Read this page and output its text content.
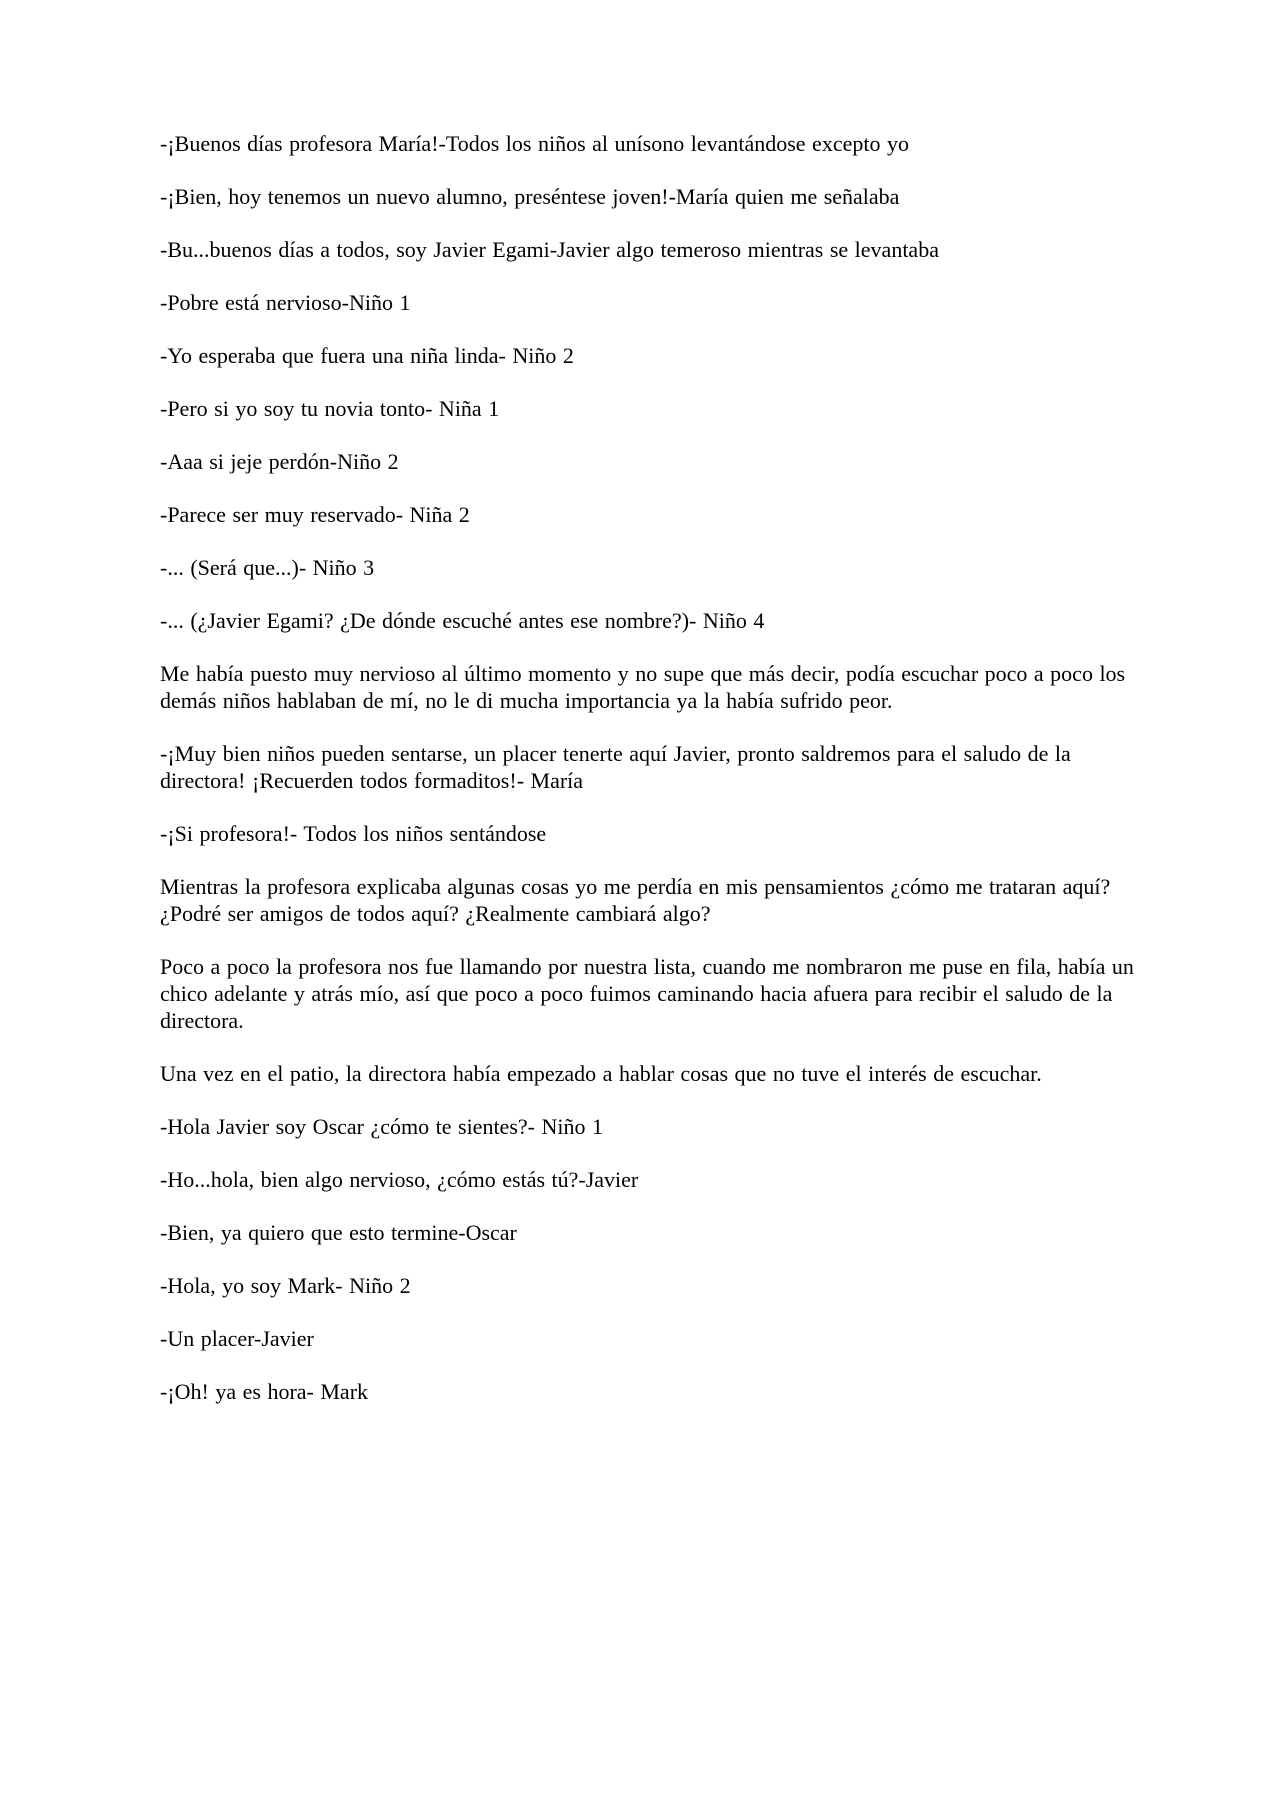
-¡Buenos días profesora María!-Todos los niños al unísono levantándose excepto yo

-¡Bien, hoy tenemos un nuevo alumno, preséntese joven!-María quien me señalaba

-Bu...buenos días a todos, soy Javier Egami-Javier algo temeroso mientras se levantaba

-Pobre está nervioso-Niño 1

-Yo esperaba que fuera una niña linda- Niño 2

-Pero si yo soy tu novia tonto- Niña 1

-Aaa si jeje perdón-Niño 2

-Parece ser muy reservado- Niña 2

-... (Será que...)- Niño 3

-... (¿Javier Egami? ¿De dónde escuché antes ese nombre?)- Niño 4

Me había puesto muy nervioso al último momento y no supe que más decir, podía escuchar poco a poco los demás niños hablaban de mí, no le di mucha importancia ya la había sufrido peor.

-¡Muy bien niños pueden sentarse, un placer tenerte aquí Javier, pronto saldremos para el saludo de la directora! ¡Recuerden todos formaditos!- María

-¡Si profesora!- Todos los niños sentándose

Mientras la profesora explicaba algunas cosas yo me perdía en mis pensamientos ¿cómo me trataran aquí? ¿Podré ser amigos de todos aquí? ¿Realmente cambiará algo?

Poco a poco la profesora nos fue llamando por nuestra lista, cuando me nombraron me puse en fila, había un chico adelante y atrás mío, así que poco a poco fuimos caminando hacia afuera para recibir el saludo de la directora.

Una vez en el patio, la directora había empezado a hablar cosas que no tuve el interés de escuchar.

-Hola Javier soy Oscar ¿cómo te sientes?- Niño 1

-Ho...hola, bien algo nervioso, ¿cómo estás tú?-Javier

-Bien, ya quiero que esto termine-Oscar

-Hola, yo soy Mark- Niño 2

-Un placer-Javier

-¡Oh! ya es hora- Mark
